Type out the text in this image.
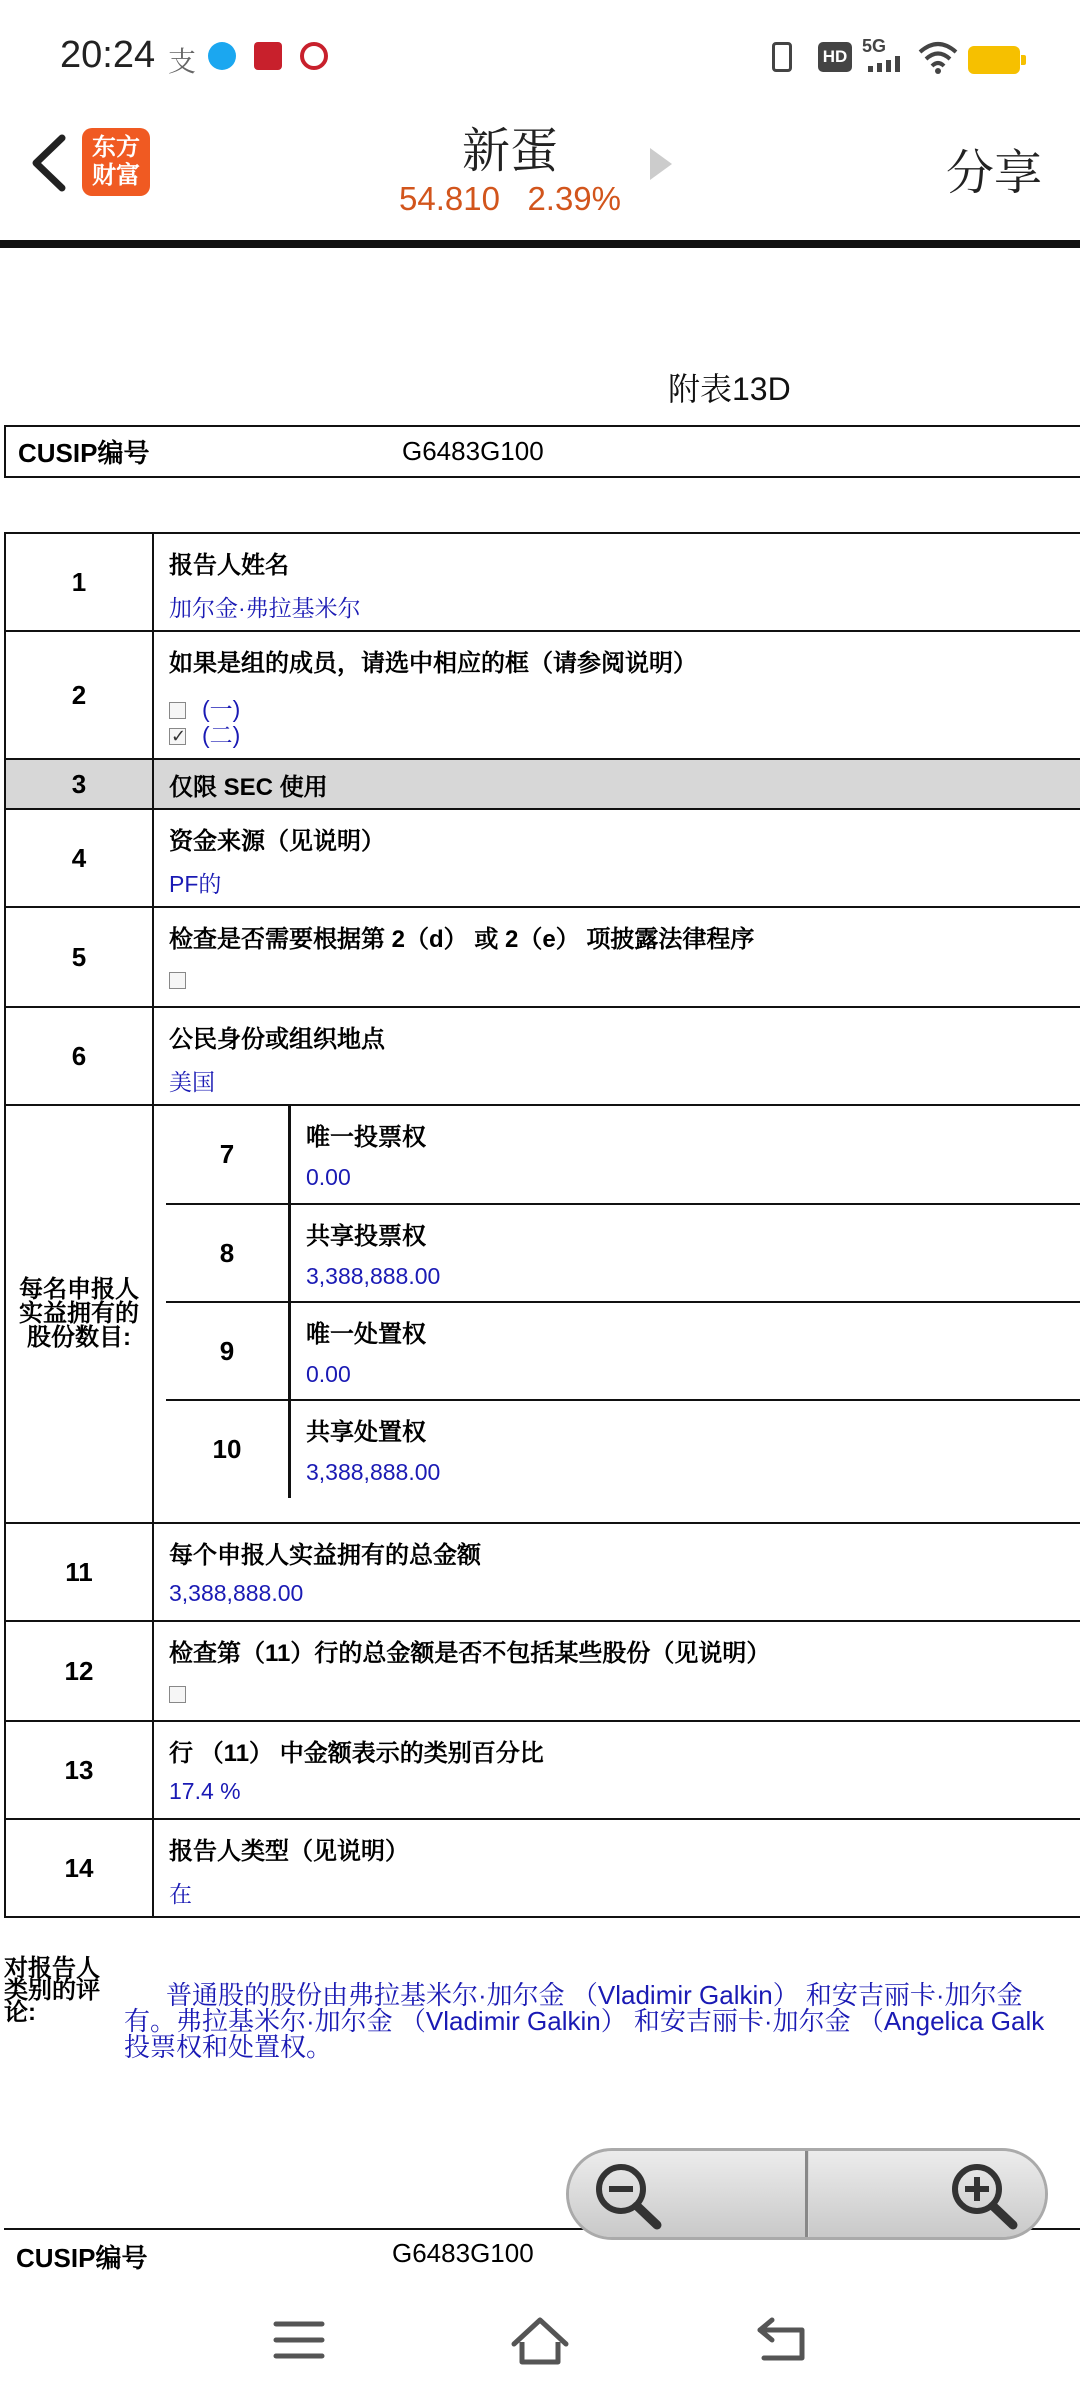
20:24 支	HD
5G
东方
财富	新蛋
54.810 2.39%	分享
附表13D
CUSIP编号	G6483G100
1	
报告人姓名
加尔金·弗拉基米尔

2	
如果是组的成员，请选中相应的框（请参阅说明）
(一)
✓(二)

3	仅限 SEC 使用

4	
资金来源（见说明）
PF的

5	
检查是否需要根据第 2（d） 或 2（e） 项披露法律程序

6	
公民身份或组织地点
美国

每名申报人实益拥有的股份数目:	
7	
唯一投票权
0.00

8	
共享投票权
3,388,888.00

9	
唯一处置权
0.00

10	
共享处置权
3,388,888.00

11	
每个申报人实益拥有的总金额
3,388,888.00

12	
检查第（11）行的总金额是否不包括某些股份（见说明）

13	
行 （11） 中金额表示的类别百分比
17.4 %

14	
报告人类型（见说明）
在
对报告人类别的评论:
普通股的股份由弗拉基米尔·加尔金 （Vladimir Galkin） 和安吉丽卡·加尔金
有。弗拉基米尔·加尔金 （Vladimir Galkin） 和安吉丽卡·加尔金 （Angelica Galk
投票权和处置权。
CUSIP编号	G6483G100
